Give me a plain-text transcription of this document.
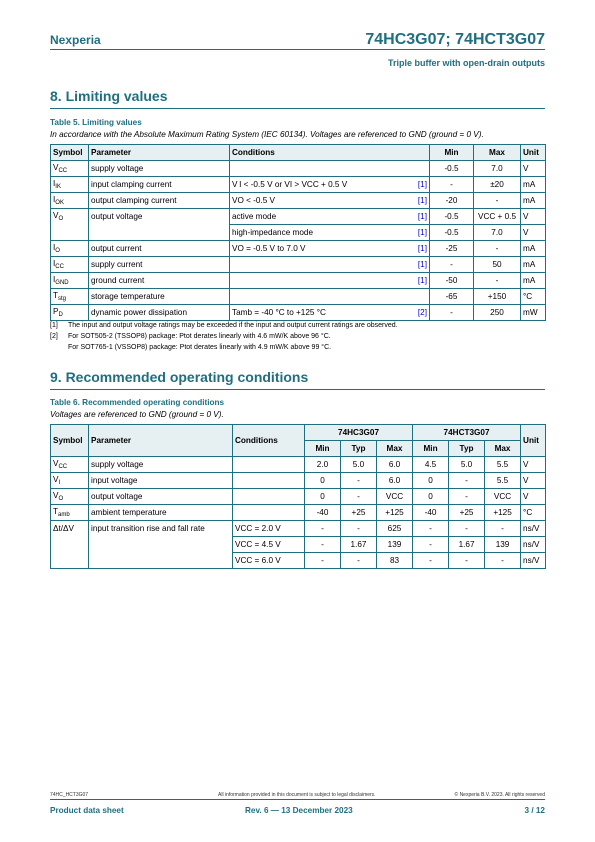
Nexperia	74HC3G07; 74HCT3G07
Triple buffer with open-drain outputs
8. Limiting values
Table 5. Limiting values
In accordance with the Absolute Maximum Rating System (IEC 60134). Voltages are referenced to GND (ground = 0 V).
Symbol	Parameter	Conditions		Min	Max	Unit
$V_{CC}$	supply voltage			-0.5	7.0	V
$I_{IK}$	input clamping current	V I < -0.5 V or VI > VCC + 0.5 V	[1]	-	±20	mA
$I_{OK}$	output clamping current	VO < -0.5 V	[1]	-20	-	mA
$V_O$	output voltage	active mode	[1]	-0.5	VCC + 0.5	V
		high-impedance mode	[1]	-0.5	7.0	V
$I_O$	output current	VO = -0.5 V to 7.0 V	[1]	-25	-	mA
$I_{CC}$	supply current		[1]	-	50	mA
$I_{GND}$	ground current		[1]	-50	-	mA
$T_{stg}$	storage temperature			-65	+150	°C
$P_D$	dynamic power dissipation	Tamb = -40 °C to +125 °C	[2]	-	250	mW
[1] The input and output voltage ratings may be exceeded if the input and output current ratings are observed.
[2] For SOT505-2 (TSSOP8) package: Ptot derates linearly with 4.6 mW/K above 96 °C.
For SOT765-1 (VSSOP8) package: Ptot derates linearly with 4.9 mW/K above 99 °C.
9. Recommended operating conditions
Table 6. Recommended operating conditions
Voltages are referenced to GND (ground = 0 V).
Symbol	Parameter	Conditions	74HC3G07			74HCT3G07			Unit
			Min	Typ	Max	Min	Typ	Max	
$V_{CC}$	supply voltage		2.0	5.0	6.0	4.5	5.0	5.5	V
$V_I$	input voltage		0	-	6.0	0	-	5.5	V
$V_O$	output voltage		0	-	VCC	0	-	VCC	V
$T_{amb}$	ambient temperature		-40	+25	+125	-40	+25	+125	°C
Δt/ΔV	input transition rise and fall rate	VCC = 2.0 V	-	-	625	-	-	-	ns/V
		VCC = 4.5 V	-	1.67	139	-	1.67	139	ns/V
		VCC = 6.0 V	-	-	83	-	-	-	ns/V
74HC_HCT3G07	All information provided in this document is subject to legal disclaimers.	© Nexperia B.V. 2023. All rights reserved
Product data sheet	Rev. 6 — 13 December 2023	3 / 12
